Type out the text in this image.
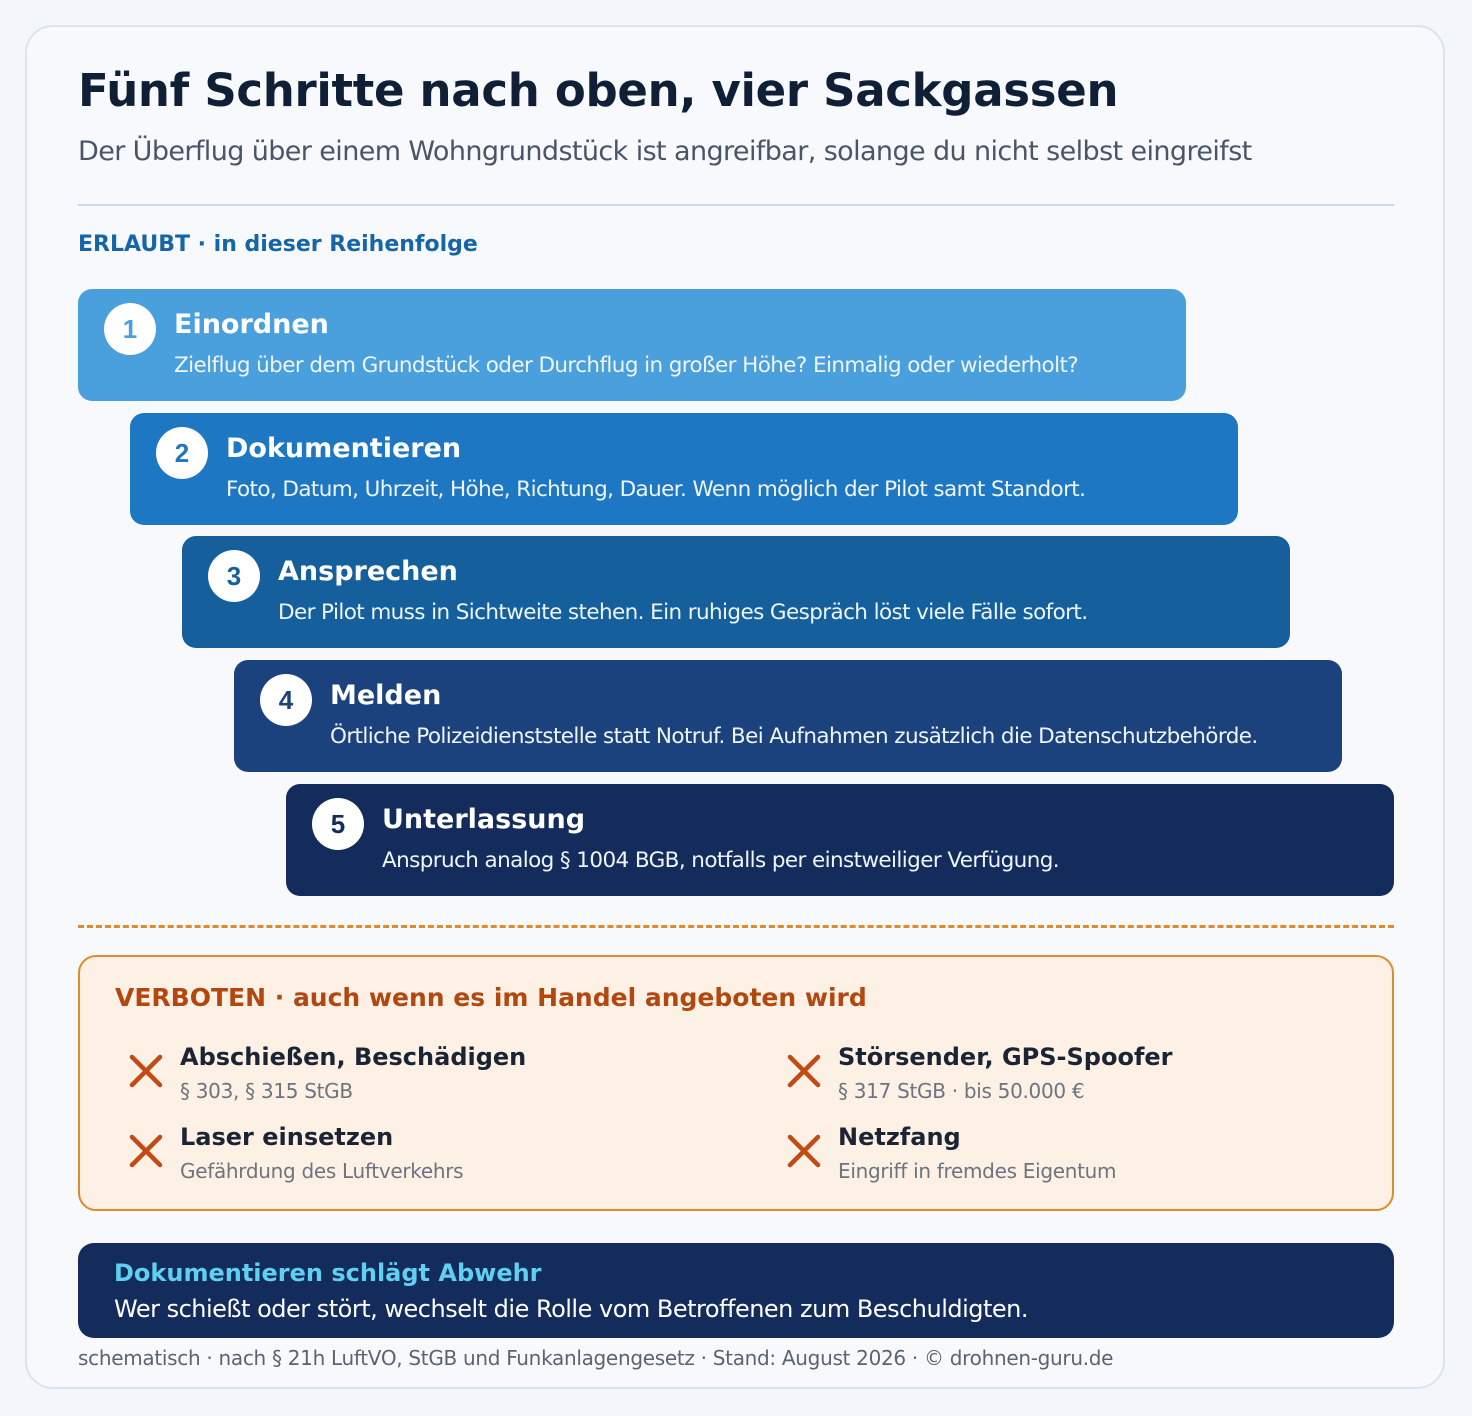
Fünf Schritte nach oben, vier Sackgassen
Der Überflug über einem Wohngrundstück ist angreifbar, solange du nicht selbst eingreifst
ERLAUBT · in dieser Reihenfolge
1	Einordnen
Zielflug über dem Grundstück oder Durchflug in großer Höhe? Einmalig oder wiederholt?
2	Dokumentieren
Foto, Datum, Uhrzeit, Höhe, Richtung, Dauer. Wenn möglich der Pilot samt Standort.
3	Ansprechen
Der Pilot muss in Sichtweite stehen. Ein ruhiges Gespräch löst viele Fälle sofort.
4	Melden
Örtliche Polizeidienststelle statt Notruf. Bei Aufnahmen zusätzlich die Datenschutzbehörde.
5	Unterlassung
Anspruch analog § 1004 BGB, notfalls per einstweiliger Verfügung.
VERBOTEN · auch wenn es im Handel angeboten wird
Abschießen, Beschädigen
§ 303, § 315 StGB
Störsender, GPS-Spoofer
§ 317 StGB · bis 50.000 €
Laser einsetzen
Gefährdung des Luftverkehrs
Netzfang
Eingriff in fremdes Eigentum
Dokumentieren schlägt Abwehr
Wer schießt oder stört, wechselt die Rolle vom Betroffenen zum Beschuldigten.
schematisch · nach § 21h LuftVO, StGB und Funkanlagengesetz · Stand: August 2026 · © drohnen-guru.de
